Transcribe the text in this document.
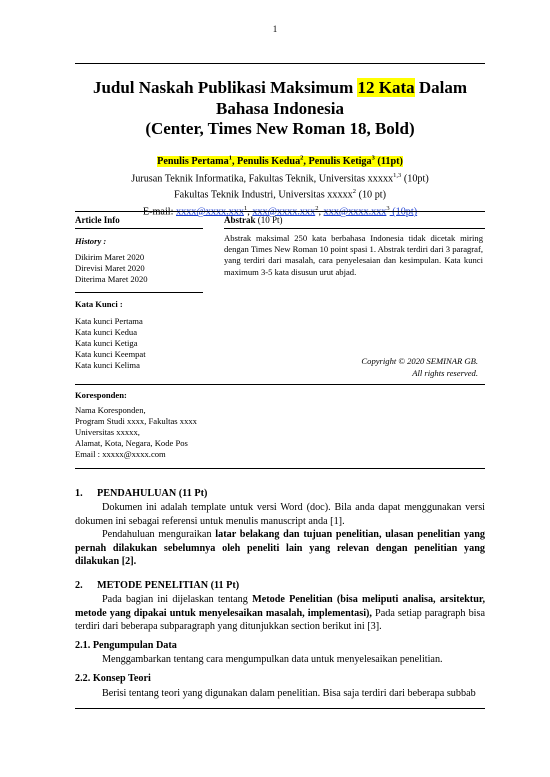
1
Judul Naskah Publikasi Maksimum 12 Kata Dalam
Bahasa Indonesia
(Center, Times New Roman 18, Bold)
Penulis Pertama$^1$, Penulis Kedua$^2$, Penulis Ketiga$^3$ (11pt)
Jurusan Teknik Informatika, Fakultas Teknik, Universitas xxxxx$^{1,3}$ (10pt)
Fakultas Teknik Industri, Universitas xxxxx$^2$ (10 pt)
E-mail: xxxx@xxxx.xxx$^1$, xxx@xxxx.xxx$^2$, xxx@xxxx.xxx$^3$ (10pt)
Article Info	Abstrak (10 Pt)
History :
Dikirim Maret 2020
Direvisi Maret 2020
Diterima Maret 2020
Kata Kunci :
Kata kunci Pertama
Kata kunci Kedua
Kata kunci Ketiga
Kata kunci Keempat
Kata kunci Kelima
Abstrak maksimal 250 kata berbahasa Indonesia tidak dicetak miring dengan Times New Roman 10 point spasi 1. Abstrak terdiri dari 3 paragraf, yang terdiri dari masalah, cara penyelesaian dan kesimpulan. Kata kunci maximum 3-5 kata disusun urut abjad.
Copyright © 2020 SEMINAR GB.
All rights reserved.
Koresponden:
Nama Koresponden,
Program Studi xxxx, Fakultas xxxx
Universitas xxxxx,
Alamat, Kota, Negara, Kode Pos
Email : xxxxx@xxxx.com
1. PENDAHULUAN (11 Pt)
Dokumen ini adalah template untuk versi Word (doc). Bila anda dapat menggunakan versi dokumen ini sebagai referensi untuk menulis manuscript anda [1].
Pendahuluan menguraikan latar belakang dan tujuan penelitian, ulasan penelitian yang pernah dilakukan sebelumnya oleh peneliti lain yang relevan dengan penelitian yang dilakukan [2].
2. METODE PENELITIAN (11 Pt)
Pada bagian ini dijelaskan tentang Metode Penelitian (bisa meliputi analisa, arsitektur, metode yang dipakai untuk menyelesaikan masalah, implementasi), Pada setiap paragraph bisa terdiri dari beberapa subparagraph yang ditunjukkan section berikut ini [3].
2.1. Pengumpulan Data
Menggambarkan tentang cara mengumpulkan data untuk menyelesaikan penelitian.
2.2. Konsep Teori
Berisi tentang teori yang digunakan dalam penelitian. Bisa saja terdiri dari beberapa subbab
